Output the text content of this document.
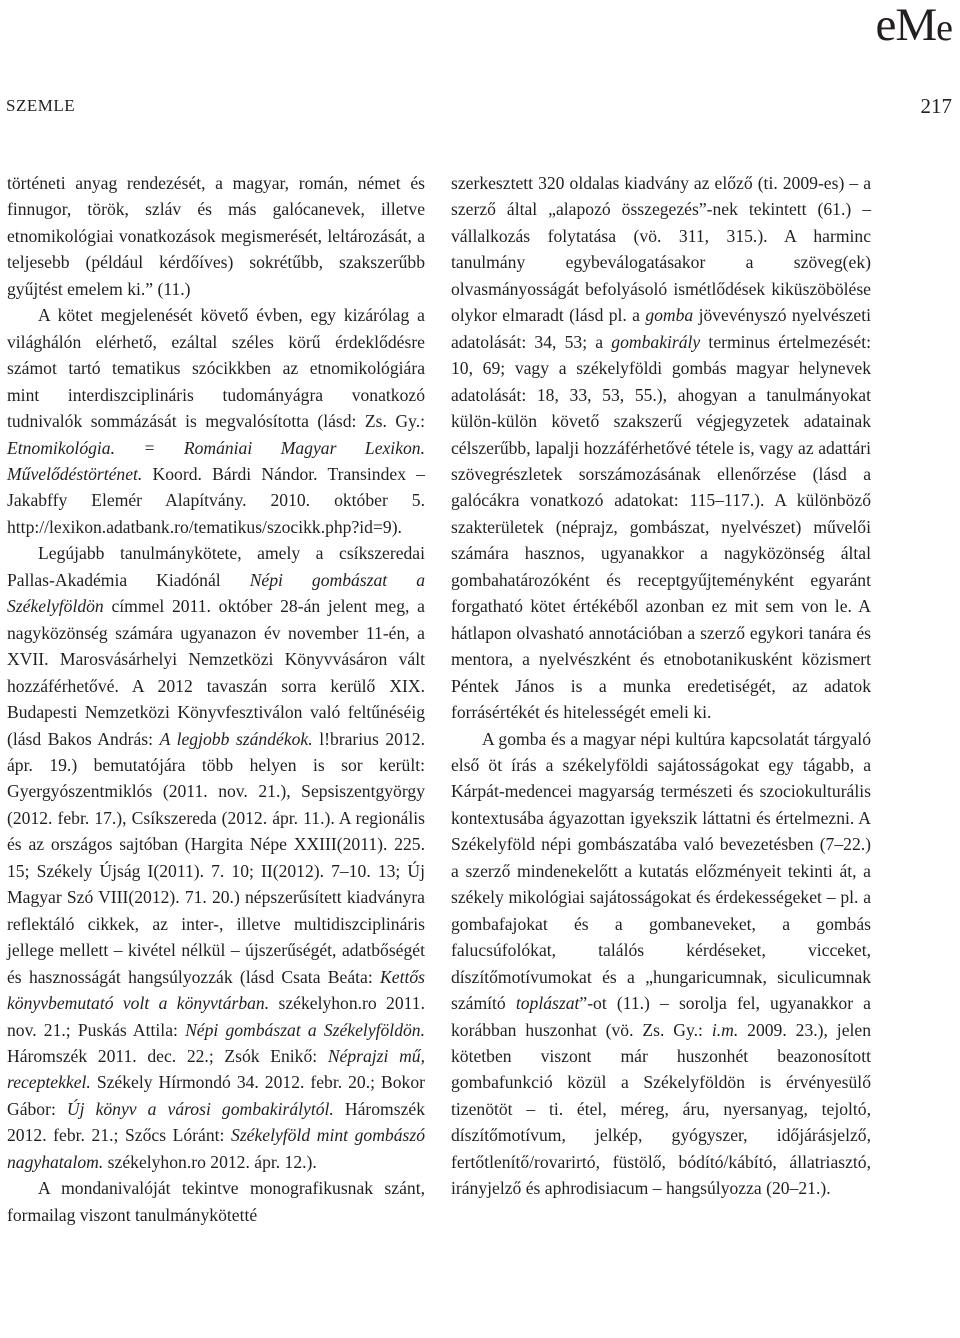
eMe
SZEMLE	217

történeti anyag rendezését, a magyar, román, német és finnugor, török, szláv és más galócanevek, illetve etnomikológiai vonatkozások megismerését, leltározását, a teljesebb (például kérdőíves) sokrétűbb, szakszerűbb gyűjtést emelem ki.” (11.)

A kötet megjelenését követő évben, egy kizárólag a világhálón elérhető, ezáltal széles körű érdeklődésre számot tartó tematikus szócikkben az etnomikológiára mint interdiszciplináris tudományágra vonatkozó tudnivalók sommázását is megvalósította (lásd: Zs. Gy.: Etnomikológia. = Romániai Magyar Lexikon. Művelődéstörténet. Koord. Bárdi Nándor. Transindex – Jakabffy Elemér Alapítvány. 2010. október 5. http://lexikon.adatbank.ro/tematikus/szocikk.php?id=9).

Legújabb tanulmánykötete, amely a csíkszeredai Pallas-Akadémia Kiadónál Népi gombászat a Székelyföldön címmel 2011. október 28-án jelent meg, a nagyközönség számára ugyanazon év november 11-én, a XVII. Marosvásárhelyi Nemzetközi Könyvvásáron vált hozzáférhetővé. A 2012 tavaszán sorra kerülő XIX. Budapesti Nemzetközi Könyvfesztiválon való feltűnéséig (lásd Bakos András: A legjobb szándékok. l!brarius 2012. ápr. 19.) bemutatójára több helyen is sor került: Gyergyószentmiklós (2011. nov. 21.), Sepsiszentgyörgy (2012. febr. 17.), Csíkszereda (2012. ápr. 11.). A regionális és az országos sajtóban (Hargita Népe XXIII(2011). 225. 15; Székely Újság I(2011). 7. 10; II(2012). 7–10. 13; Új Magyar Szó VIII(2012). 71. 20.) népszerűsített kiadványra reflektáló cikkek, az inter-, illetve multidiszciplináris jellege mellett – kivétel nélkül – újszerűségét, adatbőségét és hasznosságát hangsúlyozzák (lásd Csata Beáta: Kettős könyvbemutató volt a könyvtárban. székelyhon.ro 2011. nov. 21.; Puskás Attila: Népi gombászat a Székelyföldön. Háromszék 2011. dec. 22.; Zsók Enikő: Néprajzi mű, receptekkel. Székely Hírmondó 34. 2012. febr. 20.; Bokor Gábor: Új könyv a városi gombakirálytól. Háromszék 2012. febr. 21.; Szőcs Lóránt: Székelyföld mint gombászó nagyhatalom. székelyhon.ro 2012. ápr. 12.).

A mondanivalóját tekintve monografikusnak szánt, formailag viszont tanulmánykötetté

szerkesztett 320 oldalas kiadvány az előző (ti. 2009-es) – a szerző által „alapozó összegezés”-nek tekintett (61.) – vállalkozás folytatása (vö. 311, 315.). A harminc tanulmány egybeválogatásakor a szöveg(ek) olvasmányosságát befolyásoló ismétlődések kiküszöbölése olykor elmaradt (lásd pl. a gomba jövevényszó nyelvészeti adatolását: 34, 53; a gombakirály terminus értelmezését: 10, 69; vagy a székelyföldi gombás magyar helynevek adatolását: 18, 33, 53, 55.), ahogyan a tanulmányokat külön-külön követő szakszerű végjegyzetek adatainak célszerűbb, lapalji hozzáférhetővé tétele is, vagy az adattári szövegrészletek sorszámozásának ellenőrzése (lásd a galócákra vonatkozó adatokat: 115–117.). A különböző szakterületek (néprajz, gombászat, nyelvészet) művelői számára hasznos, ugyanakkor a nagyközönség által gombahatározóként és receptgyűjteményként egyaránt forgatható kötet értékéből azonban ez mit sem von le. A hátlapon olvasható annotációban a szerző egykori tanára és mentora, a nyelvészként és etnobotanikusként közismert Péntek János is a munka eredetiségét, az adatok forrásértékét és hitelességét emeli ki.

A gomba és a magyar népi kultúra kapcsolatát tárgyaló első öt írás a székelyföldi sajátosságokat egy tágabb, a Kárpát-medencei magyarság természeti és szociokulturális kontextusába ágyazottan igyekszik láttatni és értelmezni. A Székelyföld népi gombászatába való bevezetésben (7–22.) a szerző mindenekelőtt a kutatás előzményeit tekinti át, a székely mikológiai sajátosságokat és érdekességeket – pl. a gombafajokat és a gombaneveket, a gombás falucsúfolókat, találós kérdéseket, vicceket, díszítőmotívumokat és a „hungaricumnak, siculicumnak számító toplászat”-ot (11.) – sorolja fel, ugyanakkor a korábban huszonhat (vö. Zs. Gy.: i.m. 2009. 23.), jelen kötetben viszont már huszonhét beazonosított gombafunkció közül a Székelyföldön is érvényesülő tizenötöt – ti. étel, méreg, áru, nyersanyag, tejoltó, díszítőmotívum, jelkép, gyógyszer, időjárásjelző, fertőtlenítő/rovarirtó, füstölő, bódító/kábító, állatriasztó, irányjelző és aphrodisiacum – hangsúlyozza (20–21.).
